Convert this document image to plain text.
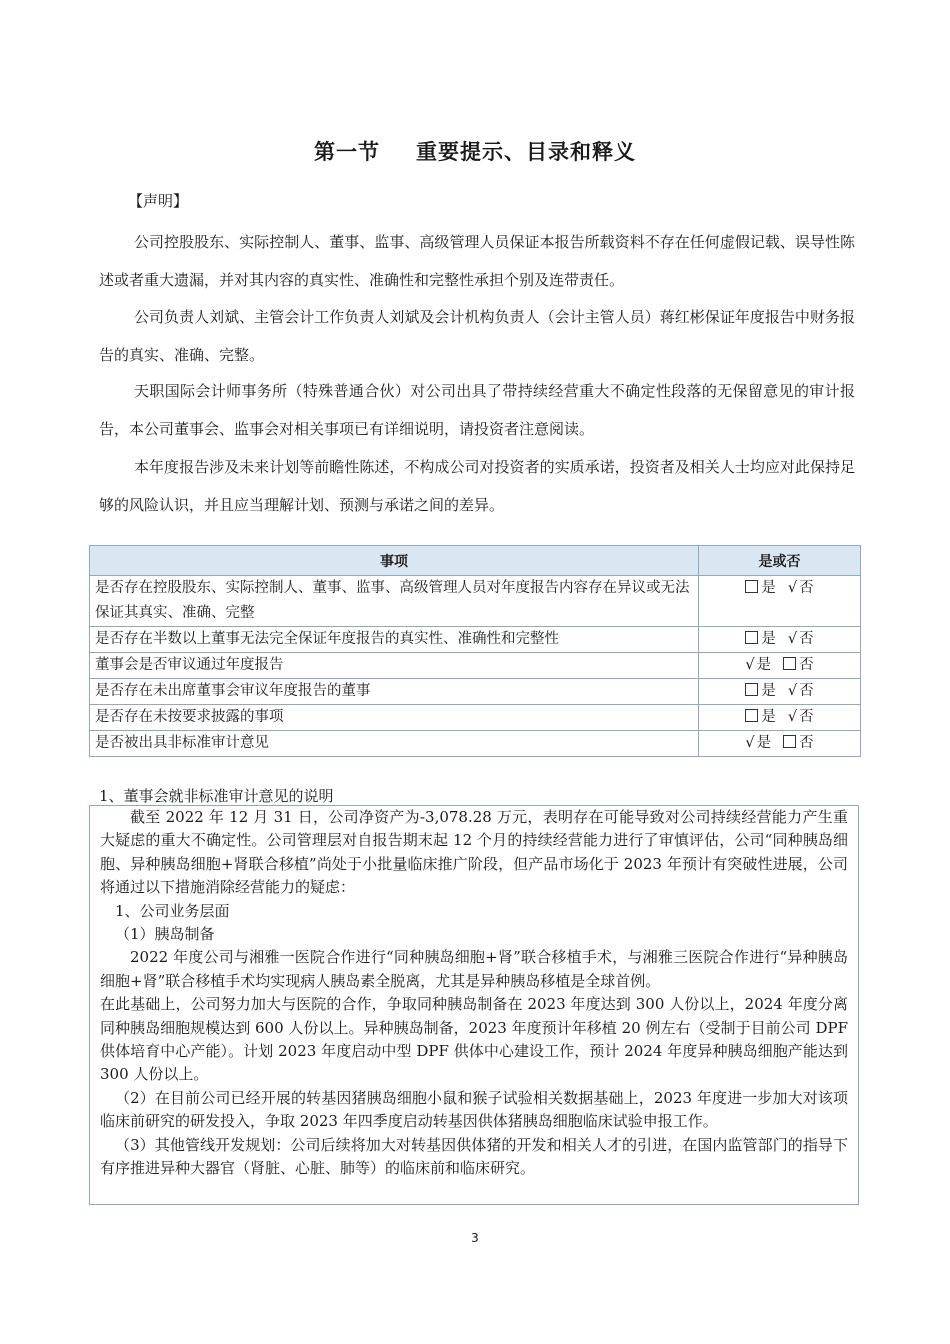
第一节 重要提示、目录和释义
【声明】

公司控股股东、实际控制人、董事、监事、高级管理人员保证本报告所载资料不存在任何虚假记载、误导性陈述或者重大遗漏，并对其内容的真实性、准确性和完整性承担个别及连带责任。

公司负责人刘斌、主管会计工作负责人刘斌及会计机构负责人（会计主管人员）蒋红彬保证年度报告中财务报告的真实、准确、完整。

天职国际会计师事务所（特殊普通合伙）对公司出具了带持续经营重大不确定性段落的无保留意见的审计报告，本公司董事会、监事会对相关事项已有详细说明，请投资者注意阅读。

本年度报告涉及未来计划等前瞻性陈述，不构成公司对投资者的实质承诺，投资者及相关人士均应对此保持足够的风险认识，并且应当理解计划、预测与承诺之间的差异。

事项	是或否
是否存在控股股东、实际控制人、董事、监事、高级管理人员对年度报告内容存在异议或无法保证其真实、准确、完整	是 √ 否
是否存在半数以上董事无法完全保证年度报告的真实性、准确性和完整性	是 √ 否
董事会是否审议通过年度报告	√ 是 否
是否存在未出席董事会审议年度报告的董事	是 √ 否
是否存在未按要求披露的事项	是 √ 否
是否被出具非标准审计意见	√ 是 否
1、董事会就非标准审计意见的说明

截至 2022 年 12 月 31 日，公司净资产为-3,078.28 万元，表明存在可能导致对公司持续经营能力产生重大疑虑的重大不确定性。公司管理层对自报告期末起 12 个月的持续经营能力进行了审慎评估，公司“同种胰岛细胞、异种胰岛细胞+肾联合移植”尚处于小批量临床推广阶段，但产品市场化于 2023 年预计有突破性进展，公司将通过以下措施消除经营能力的疑虑：

1、公司业务层面

（1）胰岛制备

2022 年度公司与湘雅一医院合作进行“同种胰岛细胞+肾”联合移植手术，与湘雅三医院合作进行“异种胰岛细胞+肾”联合移植手术均实现病人胰岛素全脱离，尤其是异种胰岛移植是全球首例。

在此基础上，公司努力加大与医院的合作，争取同种胰岛制备在 2023 年度达到 300 人份以上，2024 年度分离同种胰岛细胞规模达到 600 人份以上。异种胰岛制备，2023 年度预计年移植 20 例左右（受制于目前公司 DPF 供体培育中心产能）。计划 2023 年度启动中型 DPF 供体中心建设工作，预计 2024 年度异种胰岛细胞产能达到 300 人份以上。

（2）在目前公司已经开展的转基因猪胰岛细胞小鼠和猴子试验相关数据基础上，2023 年度进一步加大对该项临床前研究的研发投入，争取 2023 年四季度启动转基因供体猪胰岛细胞临床试验申报工作。

（3）其他管线开发规划：公司后续将加大对转基因供体猪的开发和相关人才的引进，在国内监管部门的指导下有序推进异种大器官（肾脏、心脏、肺等）的临床前和临床研究。

3
